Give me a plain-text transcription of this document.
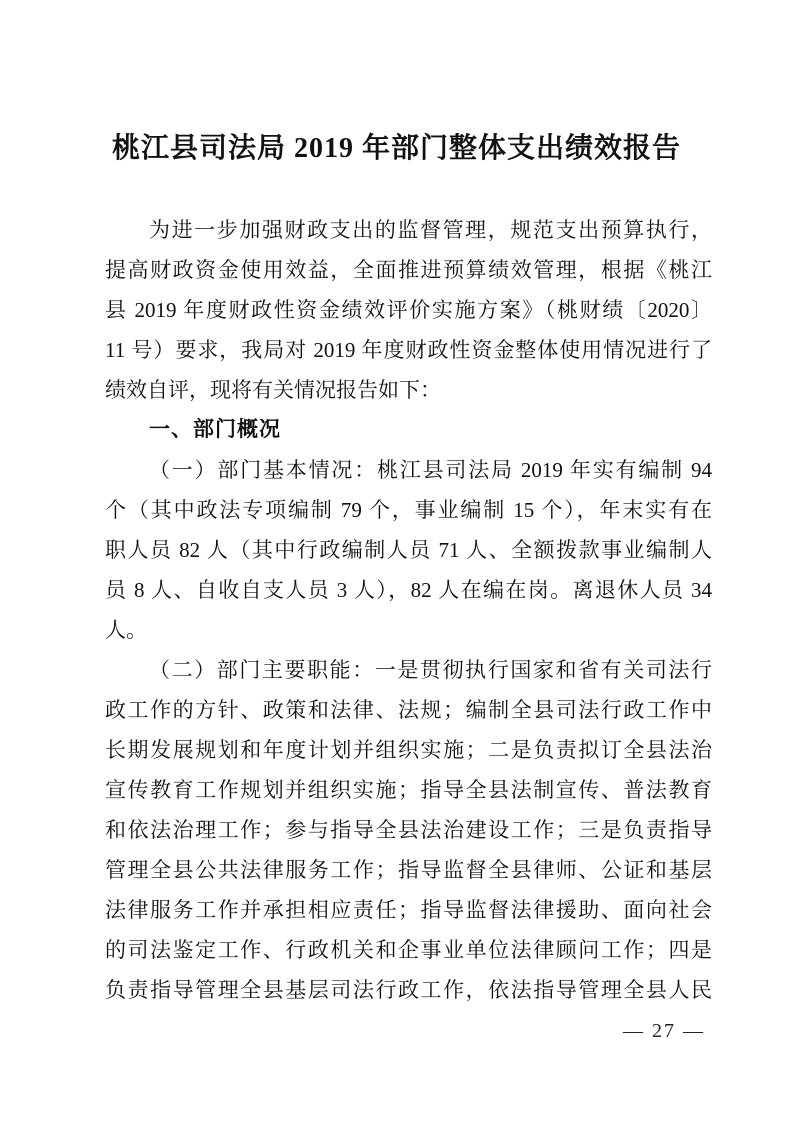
桃江县司法局 2019 年部门整体支出绩效报告
为进一步加强财政支出的监督管理，规范支出预算执行，
提高财政资金使用效益，全面推进预算绩效管理，根据《桃江
县 2019 年度财政性资金绩效评价实施方案》（桃财绩〔2020〕
11 号）要求，我局对 2019 年度财政性资金整体使用情况进行了
绩效自评，现将有关情况报告如下：
一、部门概况
（一）部门基本情况：桃江县司法局 2019 年实有编制 94
个（其中政法专项编制 79 个，事业编制 15 个），年末实有在
职人员 82 人（其中行政编制人员 71 人、全额拨款事业编制人
员 8 人、自收自支人员 3 人），82 人在编在岗。离退休人员 34
人。
（二）部门主要职能：一是贯彻执行国家和省有关司法行
政工作的方针、政策和法律、法规；编制全县司法行政工作中
长期发展规划和年度计划并组织实施；二是负责拟订全县法治
宣传教育工作规划并组织实施；指导全县法制宣传、普法教育
和依法治理工作；参与指导全县法治建设工作；三是负责指导
管理全县公共法律服务工作；指导监督全县律师、公证和基层
法律服务工作并承担相应责任；指导监督法律援助、面向社会
的司法鉴定工作、行政机关和企事业单位法律顾问工作；四是
负责指导管理全县基层司法行政工作，依法指导管理全县人民
— 27 —
